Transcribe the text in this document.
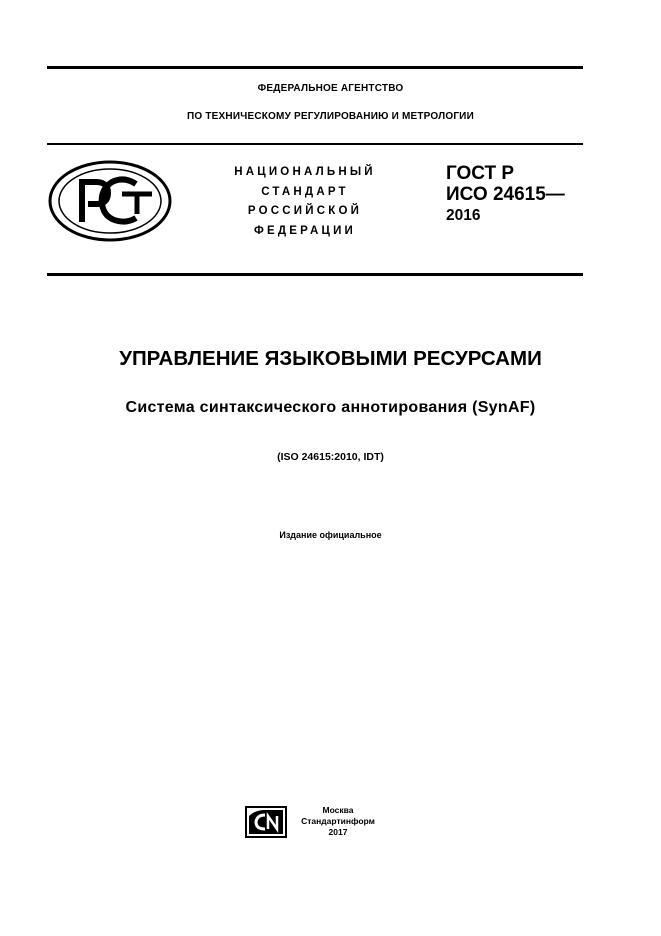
ФЕДЕРАЛЬНОЕ АГЕНТСТВО
ПО ТЕХНИЧЕСКОМУ РЕГУЛИРОВАНИЮ И МЕТРОЛОГИИ
НАЦИОНАЛЬНЫЙ
СТАНДАРТ
РОССИЙСКОЙ
ФЕДЕРАЦИИ
ГОСТ Р
ИСО 24615—
2016
УПРАВЛЕНИЕ ЯЗЫКОВЫМИ РЕСУРСАМИ
Система синтаксического аннотирования (SynAF)
(ISO 24615:2010, IDT)
Издание официальное
Москва
Стандартинформ
2017
